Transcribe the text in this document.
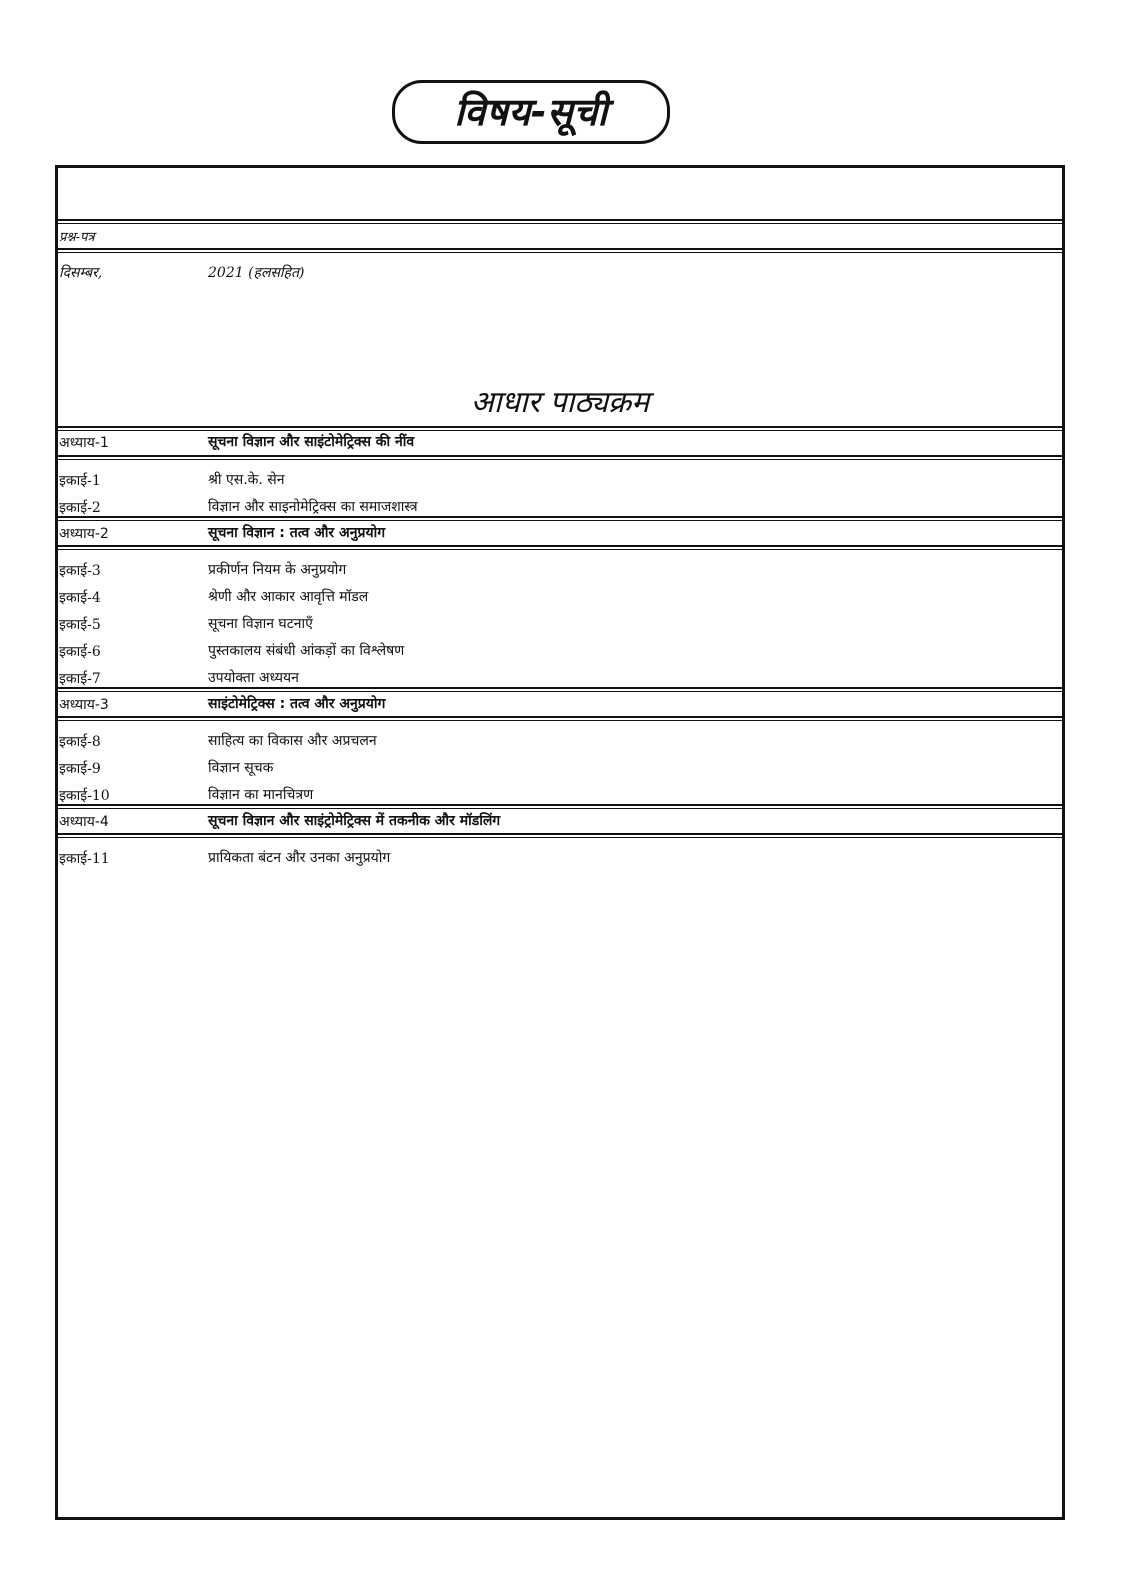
विषय-सूची
प्रश्न-पत्र
दिसम्बर,	2021 (हलसहित)
आधार पाठ्यक्रम
अध्याय-1	सूचना विज्ञान और साइंटोमेट्रिक्स की नींव
इकाई-1	श्री एस.के. सेन
इकाई-2	विज्ञान और साइनोमेट्रिक्स का समाजशास्त्र
अध्याय-2	सूचना विज्ञान : तत्व और अनुप्रयोग
इकाई-3	प्रकीर्णन नियम के अनुप्रयोग
इकाई-4	श्रेणी और आकार आवृत्ति मॉडल
इकाई-5	सूचना विज्ञान घटनाएँ
इकाई-6	पुस्तकालय संबंधी आंकड़ों का विश्लेषण
इकाई-7	उपयोक्ता अध्ययन
अध्याय-3	साइंटोमेट्रिक्स : तत्व और अनुप्रयोग
इकाई-8	साहित्य का विकास और अप्रचलन
इकाई-9	विज्ञान सूचक
इकाई-10	विज्ञान का मानचित्रण
अध्याय-4	सूचना विज्ञान और साइंट्रोमेट्रिक्स में तकनीक और मॉडलिंग
इकाई-11	प्रायिकता बंटन और उनका अनुप्रयोग
